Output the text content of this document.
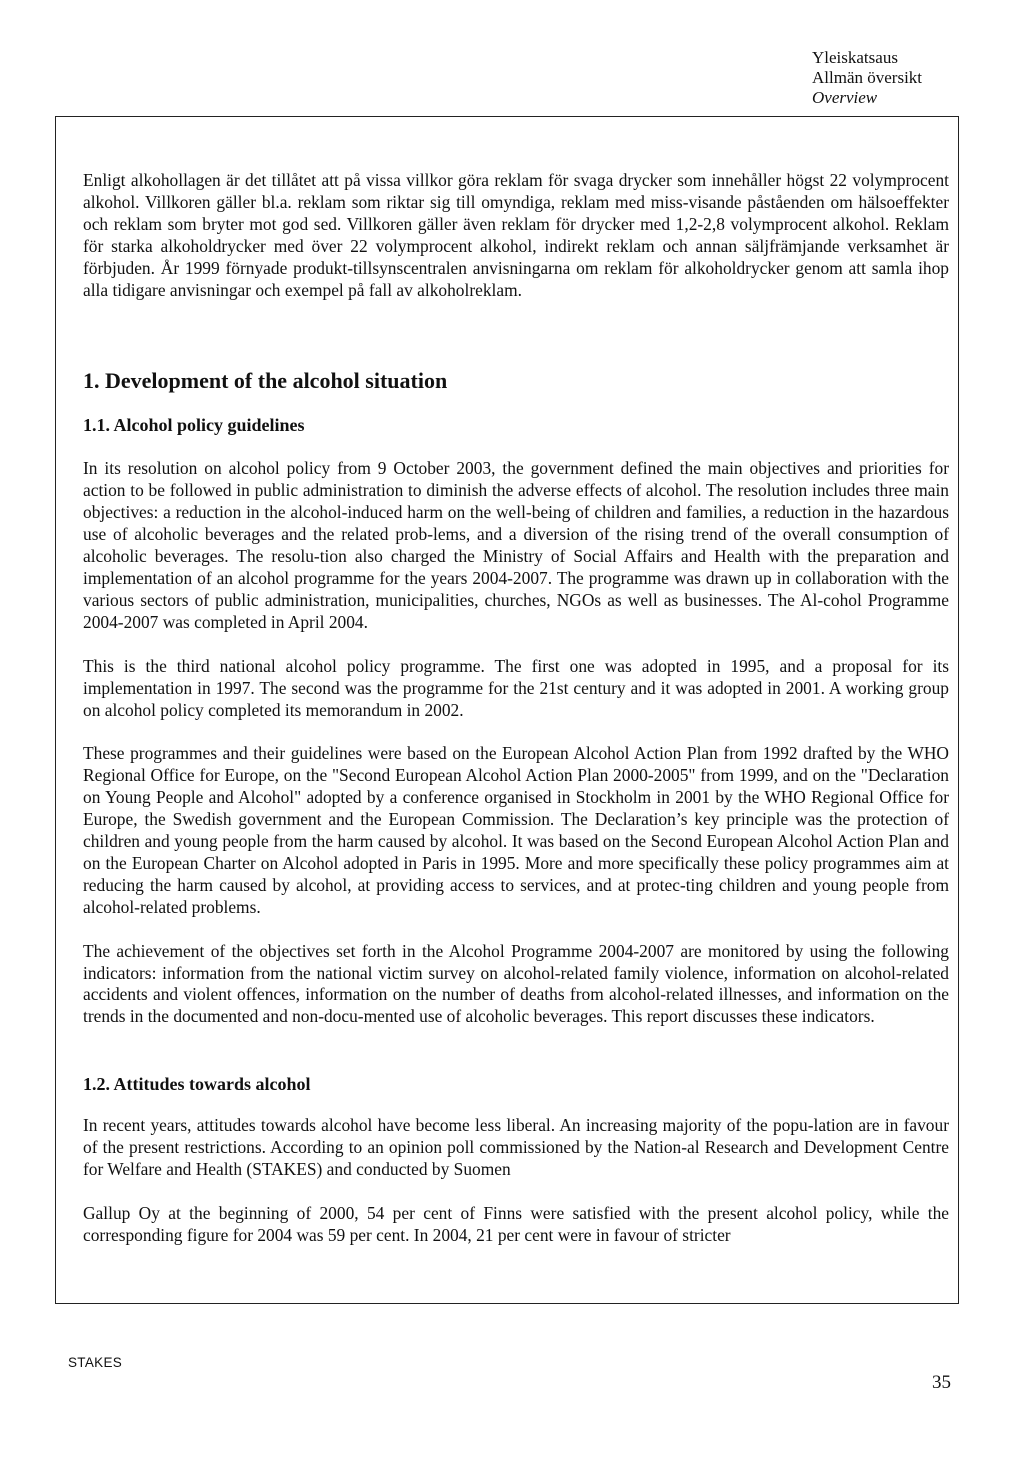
Yleiskatsaus
Allmän översikt
Overview

Enligt alkohollagen är det tillåtet att på vissa villkor göra reklam för svaga drycker som innehåller högst 22 volymprocent alkohol. Villkoren gäller bl.a. reklam som riktar sig till omyndiga, reklam med miss-visande påståenden om hälsoeffekter och reklam som bryter mot god sed. Villkoren gäller även reklam för drycker med 1,2-2,8 volymprocent alkohol. Reklam för starka alkoholdrycker med över 22 volymprocent alkohol, indirekt reklam och annan säljfrämjande verksamhet är förbjuden. År 1999 förnyade produkt-tillsynscentralen anvisningarna om reklam för alkoholdrycker genom att samla ihop alla tidigare anvisningar och exempel på fall av alkoholreklam.

1. Development of the alcohol situation
1.1. Alcohol policy guidelines

In its resolution on alcohol policy from 9 October 2003, the government defined the main objectives and priorities for action to be followed in public administration to diminish the adverse effects of alcohol. The resolution includes three main objectives: a reduction in the alcohol-induced harm on the well-being of children and families, a reduction in the hazardous use of alcoholic beverages and the related prob-lems, and a diversion of the rising trend of the overall consumption of alcoholic beverages. The resolu-tion also charged the Ministry of Social Affairs and Health with the preparation and implementation of an alcohol programme for the years 2004-2007. The programme was drawn up in collaboration with the various sectors of public administration, municipalities, churches, NGOs as well as businesses. The Al-cohol Programme 2004-2007 was completed in April 2004.

This is the third national alcohol policy programme. The first one was adopted in 1995, and a proposal for its implementation in 1997. The second was the programme for the 21st century and it was adopted in 2001. A working group on alcohol policy completed its memorandum in 2002.

These programmes and their guidelines were based on the European Alcohol Action Plan from 1992 drafted by the WHO Regional Office for Europe, on the "Second European Alcohol Action Plan 2000-2005" from 1999, and on the "Declaration on Young People and Alcohol" adopted by a conference organised in Stockholm in 2001 by the WHO Regional Office for Europe, the Swedish government and the European Commission. The Declaration’s key principle was the protection of children and young people from the harm caused by alcohol. It was based on the Second European Alcohol Action Plan and on the European Charter on Alcohol adopted in Paris in 1995. More and more specifically these policy programmes aim at reducing the harm caused by alcohol, at providing access to services, and at protec-ting children and young people from alcohol-related problems.

The achievement of the objectives set forth in the Alcohol Programme 2004-2007 are monitored by using the following indicators: information from the national victim survey on alcohol-related family violence, information on alcohol-related accidents and violent offences, information on the number of deaths from alcohol-related illnesses, and information on the trends in the documented and non-docu-mented use of alcoholic beverages. This report discusses these indicators.

1.2. Attitudes towards alcohol

In recent years, attitudes towards alcohol have become less liberal. An increasing majority of the popu-lation are in favour of the present restrictions. According to an opinion poll commissioned by the Nation-al Research and Development Centre for Welfare and Health (STAKES) and conducted by Suomen

Gallup Oy at the beginning of 2000, 54 per cent of Finns were satisfied with the present alcohol policy, while the corresponding figure for 2004 was 59 per cent. In 2004, 21 per cent were in favour of stricter

STAKES
35
